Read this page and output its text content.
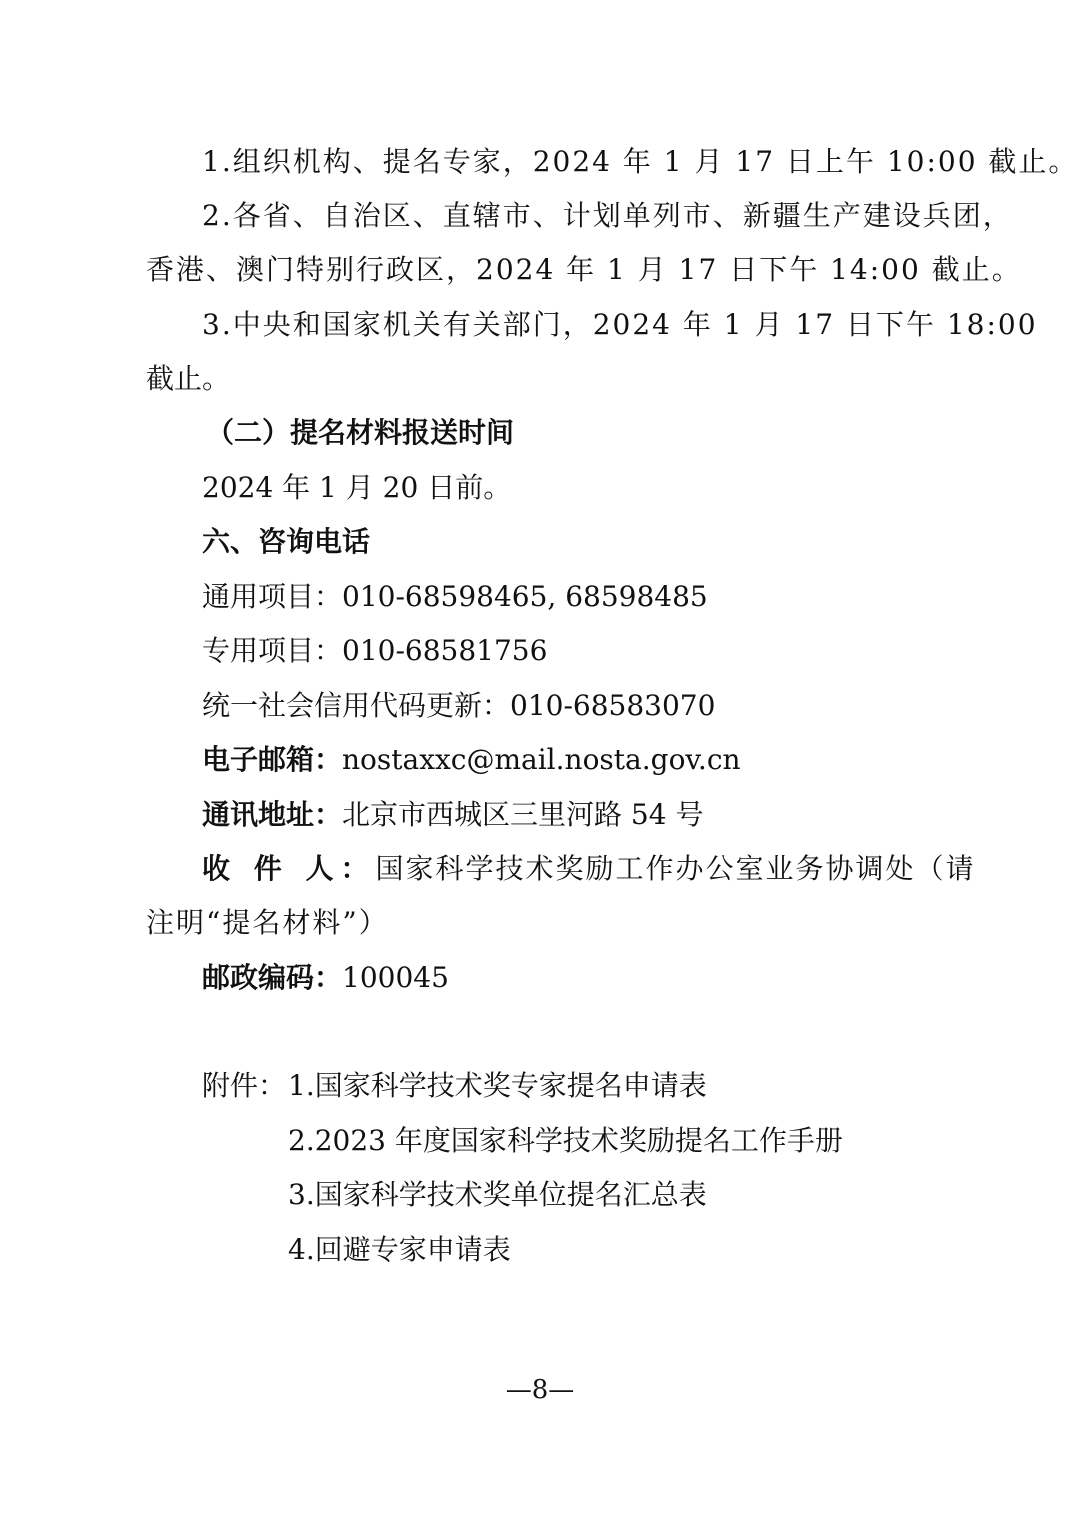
1.组织机构、提名专家，2024 年 1 月 17 日上午 10:00 截止。
2.各省、自治区、直辖市、计划单列市、新疆生产建设兵团，
香港、澳门特别行政区，2024 年 1 月 17 日下午 14:00 截止。
3.中央和国家机关有关部门，2024 年 1 月 17 日下午 18:00
截止。
（二）提名材料报送时间
2024 年 1 月 20 日前。
六、咨询电话
通用项目：010-68598465, 68598485
专用项目：010-68581756
统一社会信用代码更新：010-68583070
电子邮箱：nostaxxc@mail.nosta.gov.cn
通讯地址：北京市西城区三里河路 54 号
收 件 人：国家科学技术奖励工作办公室业务协调处（请
注明“提名材料”）
邮政编码：100045
附件： 1.国家科学技术奖专家提名申请表
2.2023 年度国家科学技术奖励提名工作手册
3.国家科学技术奖单位提名汇总表
4.回避专家申请表
—8—
